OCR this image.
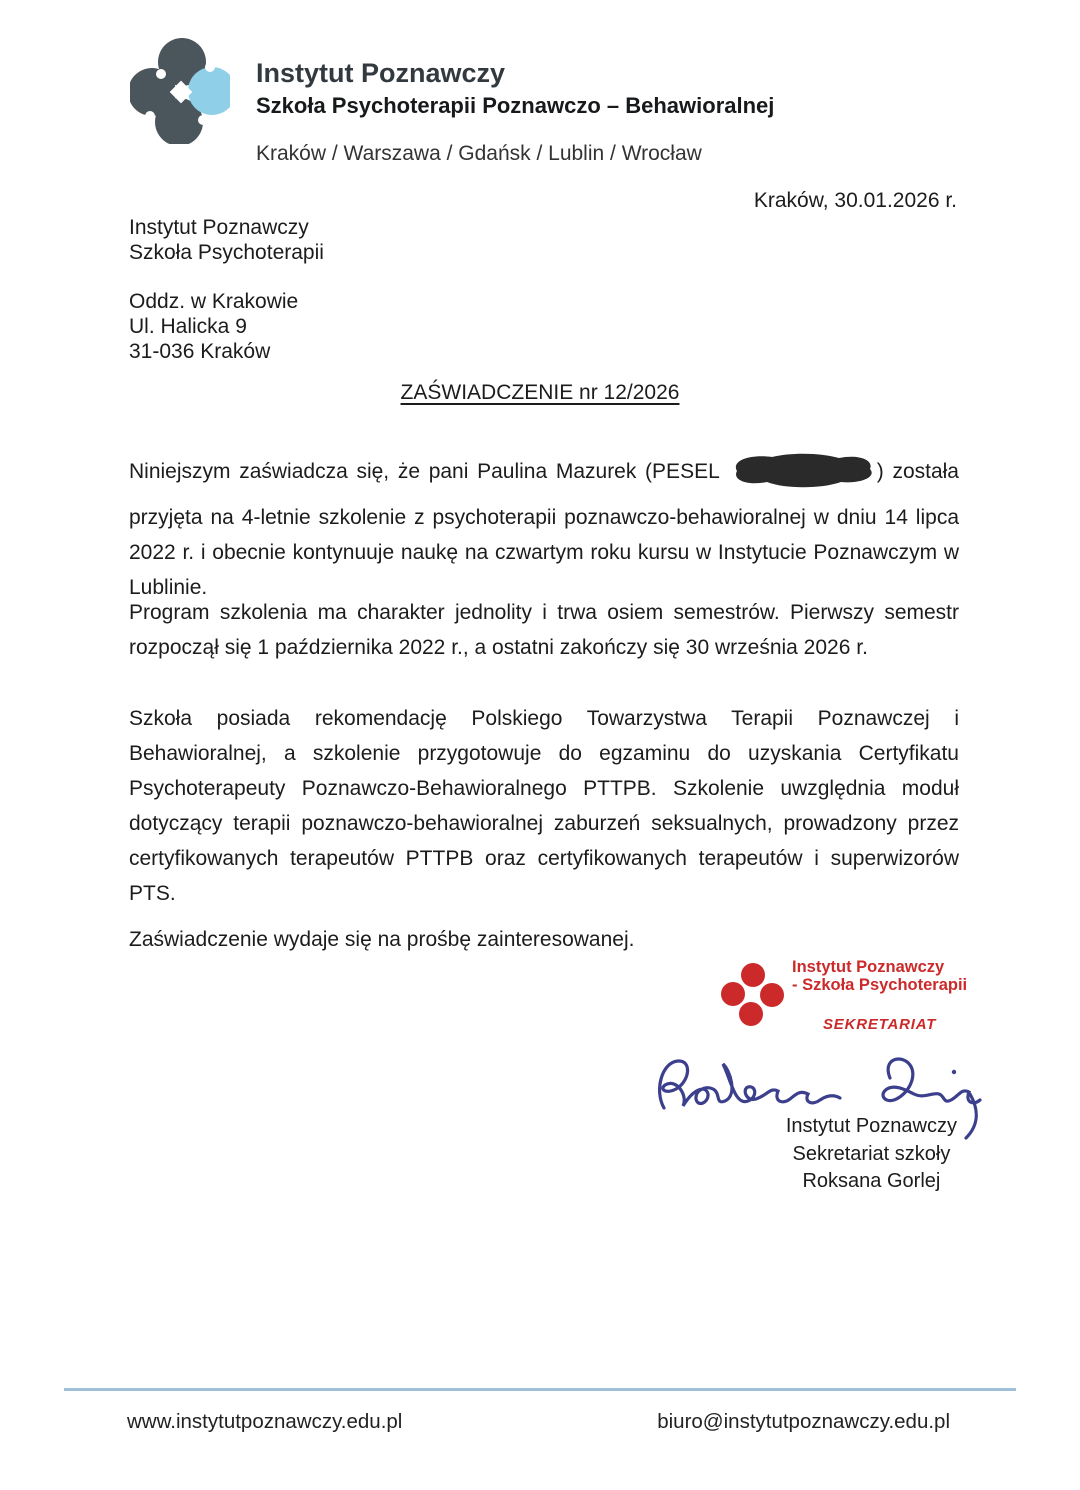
Instytut Poznawczy
Szkoła Psychoterapii Poznawczo – Behawioralnej
Kraków / Warszawa / Gdańsk / Lublin / Wrocław
Kraków, 30.01.2026 r.
Instytut Poznawczy
Szkoła Psychoterapii
Oddz. w Krakowie
Ul. Halicka 9
31-036 Kraków
ZAŚWIADCZENIE nr 12/2026
Niniejszym zaświadcza się, że pani Paulina Mazurek (PESEL	) została przyjęta na 4-letnie szkolenie z psychoterapii poznawczo-behawioralnej w dniu 14 lipca 2022 r. i obecnie kontynuuje naukę na czwartym roku kursu w Instytucie Poznawczym w Lublinie.
Program szkolenia ma charakter jednolity i trwa osiem semestrów. Pierwszy semestr rozpoczął się 1 października 2022 r., a ostatni zakończy się 30 września 2026 r.
Szkoła posiada rekomendację Polskiego Towarzystwa Terapii Poznawczej i Behawioralnej, a szkolenie przygotowuje do egzaminu do uzyskania Certyfikatu Psychoterapeuty Poznawczo-Behawioralnego PTTPB. Szkolenie uwzględnia moduł dotyczący terapii poznawczo-behawioralnej zaburzeń seksualnych, prowadzony przez certyfikowanych terapeutów PTTPB oraz certyfikowanych terapeutów i superwizorów PTS.
Zaświadczenie wydaje się na prośbę zainteresowanej.
Instytut Poznawczy
- Szkoła Psychoterapii
SEKRETARIAT
Instytut Poznawczy
Sekretariat szkoły
Roksana Gorlej
www.instytutpoznawczy.edu.pl	biuro@instytutpoznawczy.edu.pl
